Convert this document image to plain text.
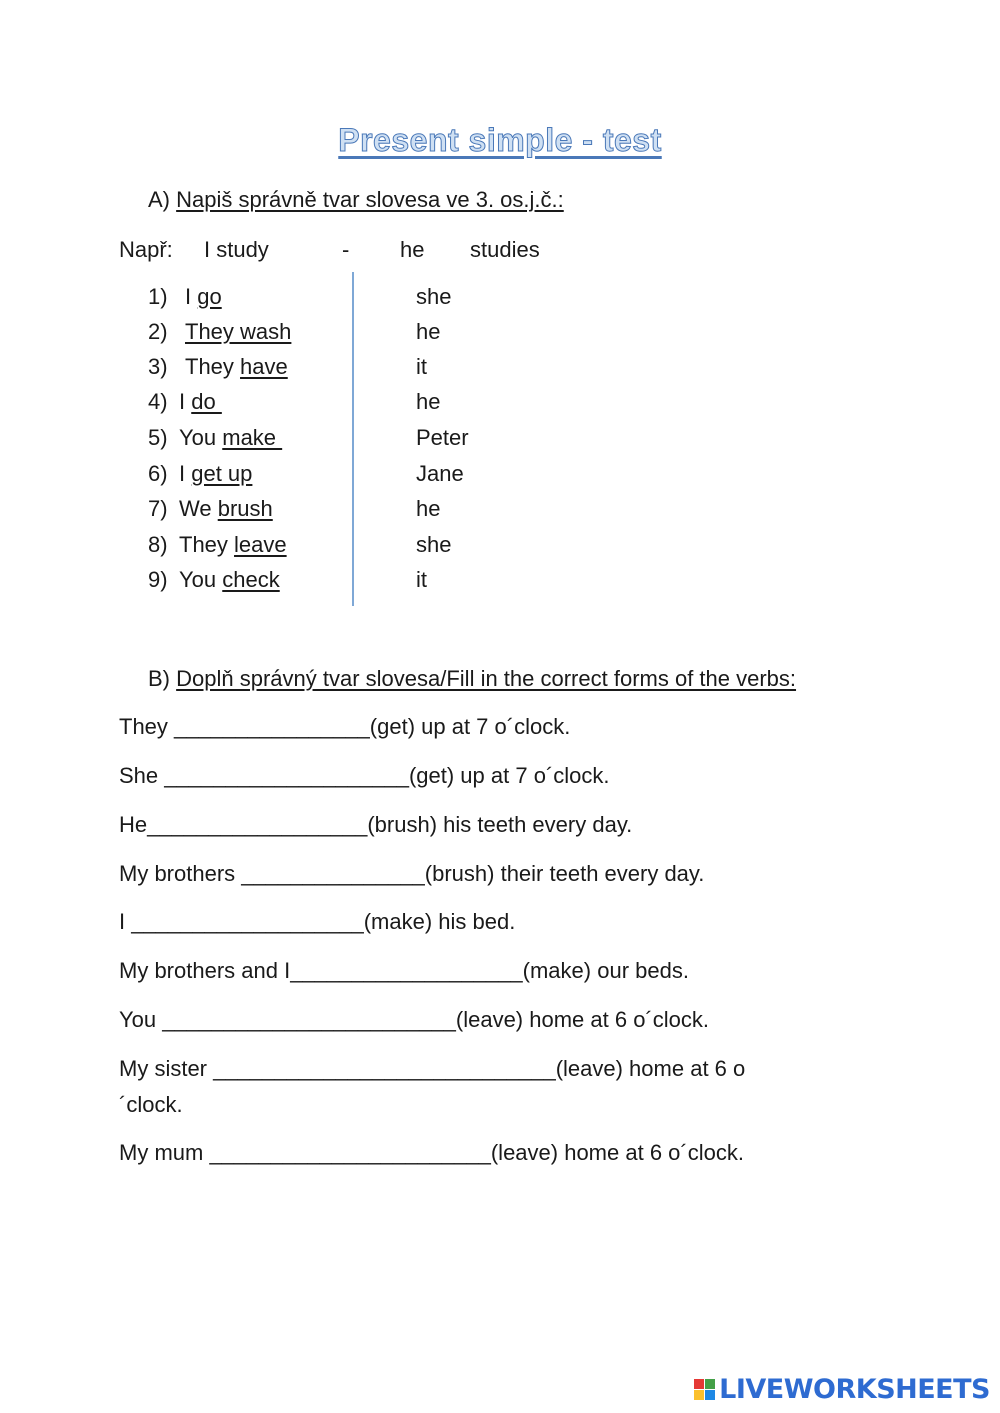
Present simple - test
A) Napiš správně tvar slovesa ve 3. os.j.č.:
Např: I study	- he studies
1) I go	she
2) They wash	he
3) They have	it
4) I do	he
5) You make	Peter
6) I get up	Jane
7) We brush	he
8) They leave	she
9) You check	it
B) Doplň správný tvar slovesa/Fill in the correct forms of the verbs:
They ________________(get) up at 7 o´clock.
She ____________________(get) up at 7 o´clock.
He__________________(brush) his teeth every day.
My brothers _______________(brush) their teeth every day.
I ___________________(make) his bed.
My brothers and I___________________(make) our beds.
You ________________________(leave) home at 6 o´clock.
My sister ____________________________(leave) home at 6 o
´clock.
My mum _______________________(leave) home at 6 o´clock.
LIVEWORKSHEETS
